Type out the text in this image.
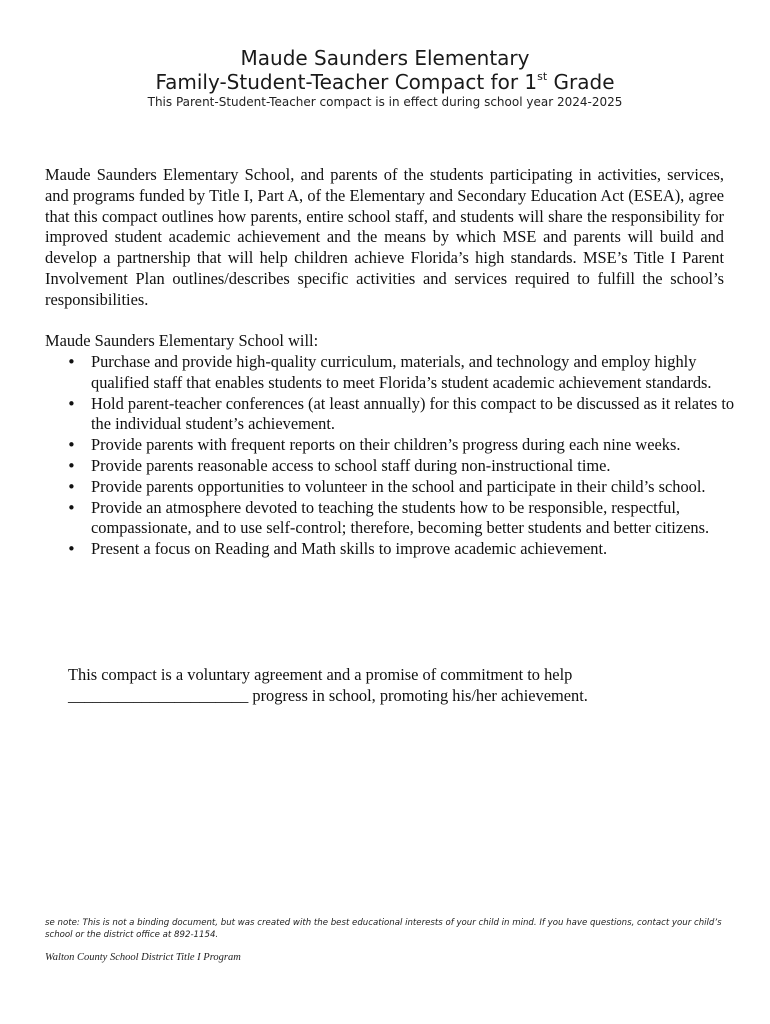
Maude Saunders Elementary
Family-Student-Teacher Compact for 1st Grade
This Parent-Student-Teacher compact is in effect during school year 2024-2025

Maude Saunders Elementary School, and parents of the students participating in activities, services, and programs funded by Title I, Part A, of the Elementary and Secondary Education Act (ESEA), agree that this compact outlines how parents, entire school staff, and students will share the responsibility for improved student academic achievement and the means by which MSE and parents will build and develop a partnership that will help children achieve Florida’s high standards. MSE’s Title I Parent Involvement Plan outlines/describes specific activities and services required to fulfill the school’s responsibilities.

Maude Saunders Elementary School will:

• Purchase and provide high-quality curriculum, materials, and technology and employ highly qualified staff that enables students to meet Florida’s student academic achievement standards.
• Hold parent-teacher conferences (at least annually) for this compact to be discussed as it relates to the individual student’s achievement.
• Provide parents with frequent reports on their children’s progress during each nine weeks.
• Provide parents reasonable access to school staff during non-instructional time.
• Provide parents opportunities to volunteer in the school and participate in their child’s school.
• Provide an atmosphere devoted to teaching the students how to be responsible, respectful, compassionate, and to use self-control; therefore, becoming better students and better citizens.
• Present a focus on Reading and Math skills to improve academic achievement.

This compact is a voluntary agreement and a promise of commitment to help
______________________ progress in school, promoting his/her achievement.

se note: This is not a binding document, but was created with the best educational interests of your child in mind. If you have questions, contact your child’s school or the district office at 892-1154.

Walton County School District Title I Program
